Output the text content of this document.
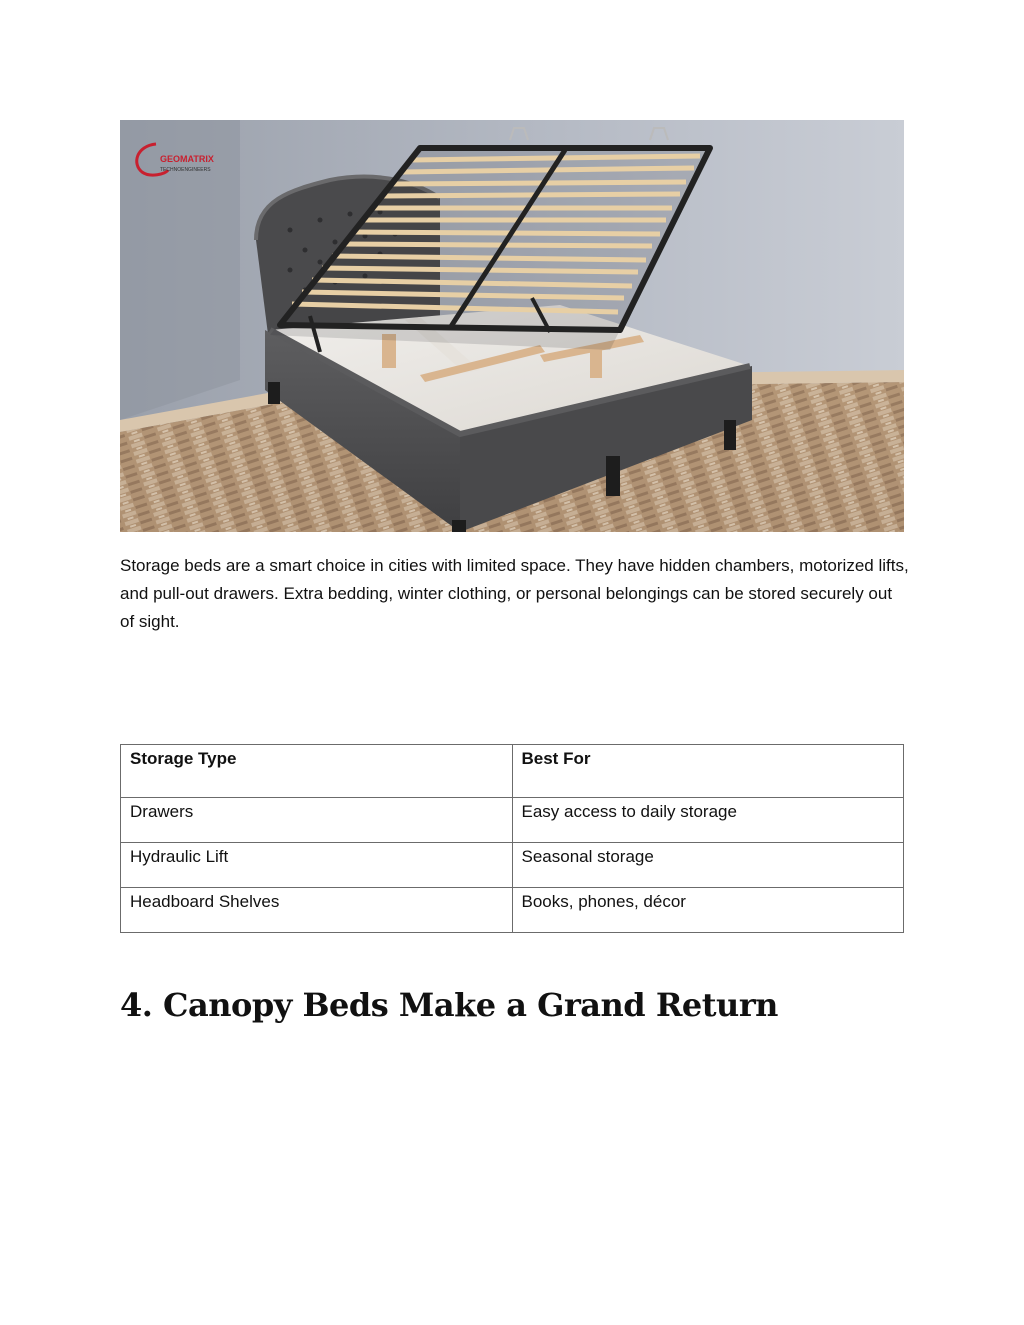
GEOMATRIX
TECHNOENGINEERS

Storage beds are a smart choice in cities with limited space. They have hidden chambers, motorized lifts, and pull-out drawers. Extra bedding, winter clothing, or personal belongings can be stored securely out of sight.

Storage Type	Best For
Drawers	Easy access to daily storage
Hydraulic Lift	Seasonal storage
Headboard Shelves	Books, phones, décor
4. Canopy Beds Make a Grand Return
